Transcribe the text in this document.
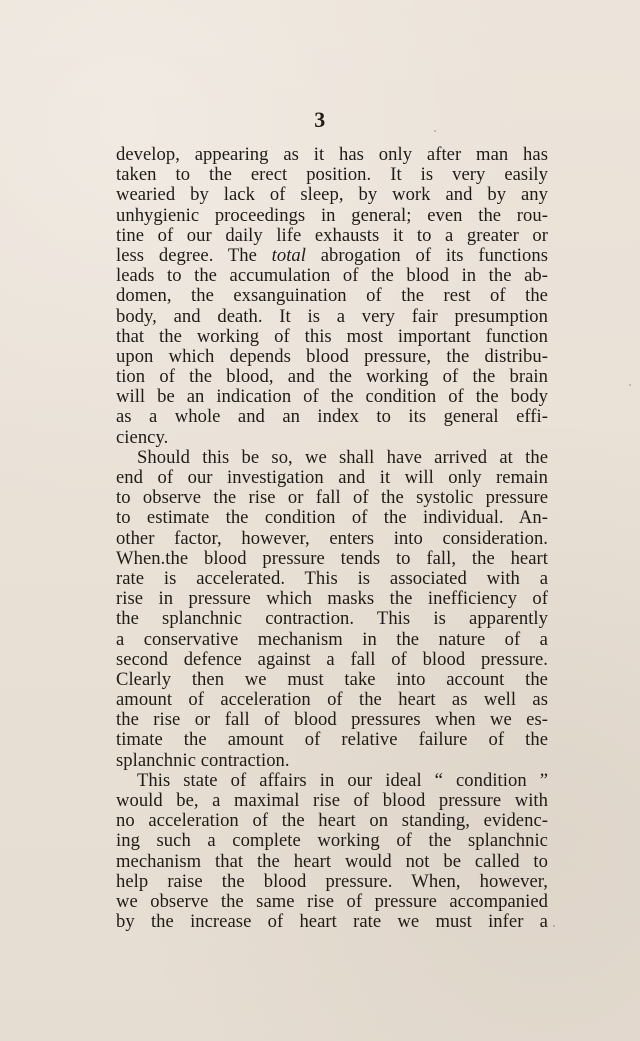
3
develop, appearing as it has only after man has
taken to the erect position. It is very easily
wearied by lack of sleep, by work and by any
unhygienic proceedings in general; even the rou-
tine of our daily life exhausts it to a greater or
less degree. The total abrogation of its functions
leads to the accumulation of the blood in the ab-
domen, the exsanguination of the rest of the
body, and death. It is a very fair presumption
that the working of this most important function
upon which depends blood pressure, the distribu-
tion of the blood, and the working of the brain
will be an indication of the condition of the body
as a whole and an index to its general effi-
ciency.
Should this be so, we shall have arrived at the
end of our investigation and it will only remain
to observe the rise or fall of the systolic pressure
to estimate the condition of the individual. An-
other factor, however, enters into consideration.
When.the blood pressure tends to fall, the heart
rate is accelerated. This is associated with a
rise in pressure which masks the inefficiency of
the splanchnic contraction. This is apparently
a conservative mechanism in the nature of a
second defence against a fall of blood pressure.
Clearly then we must take into account the
amount of acceleration of the heart as well as
the rise or fall of blood pressures when we es-
timate the amount of relative failure of the
splanchnic contraction.
This state of affairs in our ideal “ condition ”
would be, a maximal rise of blood pressure with
no acceleration of the heart on standing, evidenc-
ing such a complete working of the splanchnic
mechanism that the heart would not be called to
help raise the blood pressure. When, however,
we observe the same rise of pressure accompanied
by the increase of heart rate we must infer a
